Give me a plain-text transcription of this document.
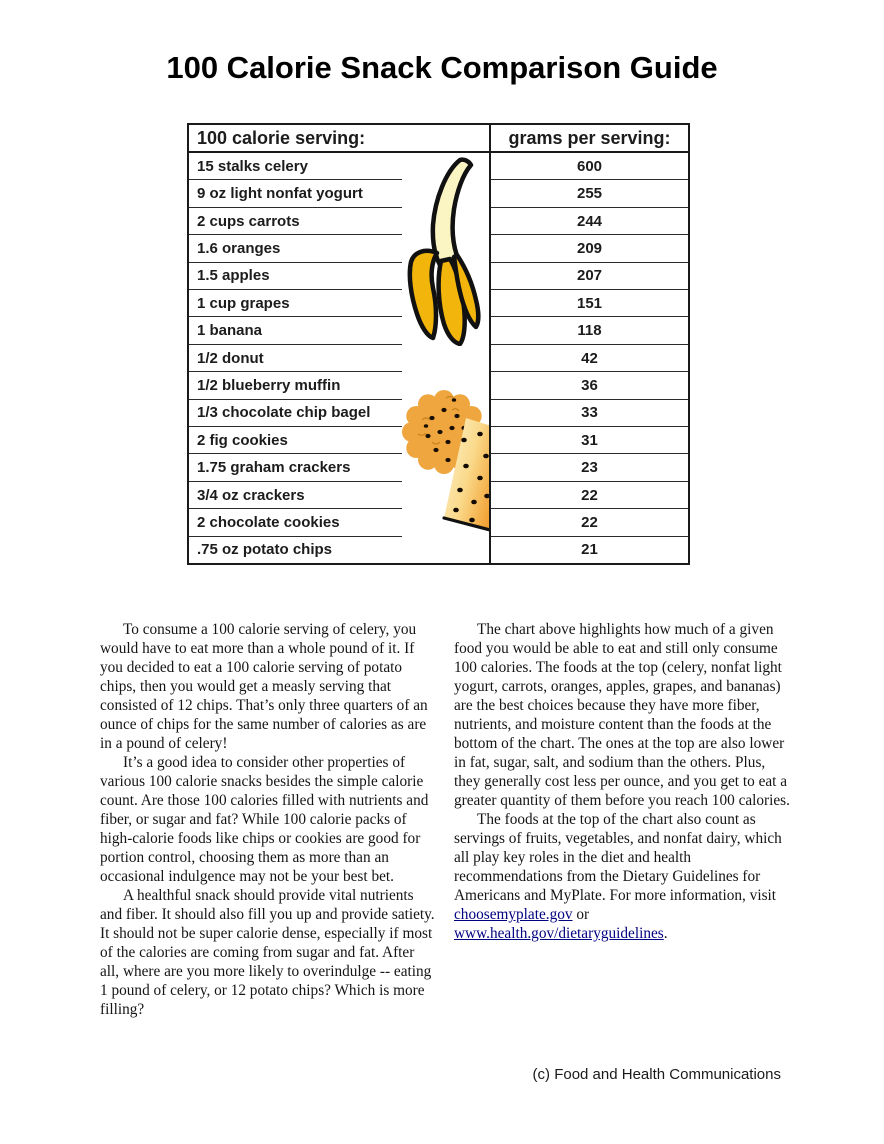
100 Calorie Snack Comparison Guide
100 calorie serving:	grams per serving:
15 stalks celery	600
9 oz light nonfat yogurt	255
2 cups carrots	244
1.6 oranges	209
1.5 apples	207
1 cup grapes	151
1 banana	118
1/2 donut	42
1/2 blueberry muffin	36
1/3 chocolate chip bagel	33
2 fig cookies	31
1.75 graham crackers	23
3/4 oz crackers	22
2 chocolate cookies	22
.75 oz potato chips	21

To consume a 100 calorie serving of celery, you would have to eat more than a whole pound of it. If you decided to eat a 100 calorie serving of potato chips, then you would get a measly serving that consisted of 12 chips. That’s only three quarters of an ounce of chips for the same number of calories as are in a pound of celery!

It’s a good idea to consider other properties of various 100 calorie snacks besides the simple calorie count. Are those 100 calories filled with nutrients and fiber, or sugar and fat? While 100 calorie packs of high-calorie foods like chips or cookies are good for portion control, choosing them as more than an occasional indulgence may not be your best bet.

A healthful snack should provide vital nutrients and fiber. It should also fill you up and provide satiety. It should not be super calorie dense, especially if most of the calories are coming from sugar and fat. After all, where are you more likely to overindulge -- eating 1 pound of celery, or 12 potato chips? Which is more filling?

The chart above highlights how much of a given food you would be able to eat and still only consume 100 calories. The foods at the top (celery, nonfat light yogurt, carrots, oranges, apples, grapes, and bananas) are the best choices because they have more fiber, nutrients, and moisture content than the foods at the bottom of the chart. The ones at the top are also lower in fat, sugar, salt, and sodium than the others. Plus, they generally cost less per ounce, and you get to eat a greater quantity of them before you reach 100 calories.

The foods at the top of the chart also count as servings of fruits, vegetables, and nonfat dairy, which all play key roles in the diet and health recommendations from the Dietary Guidelines for Americans and MyPlate. For more information, visit choosemyplate.gov or www.health.gov/dietaryguidelines.

(c) Food and Health Communications
